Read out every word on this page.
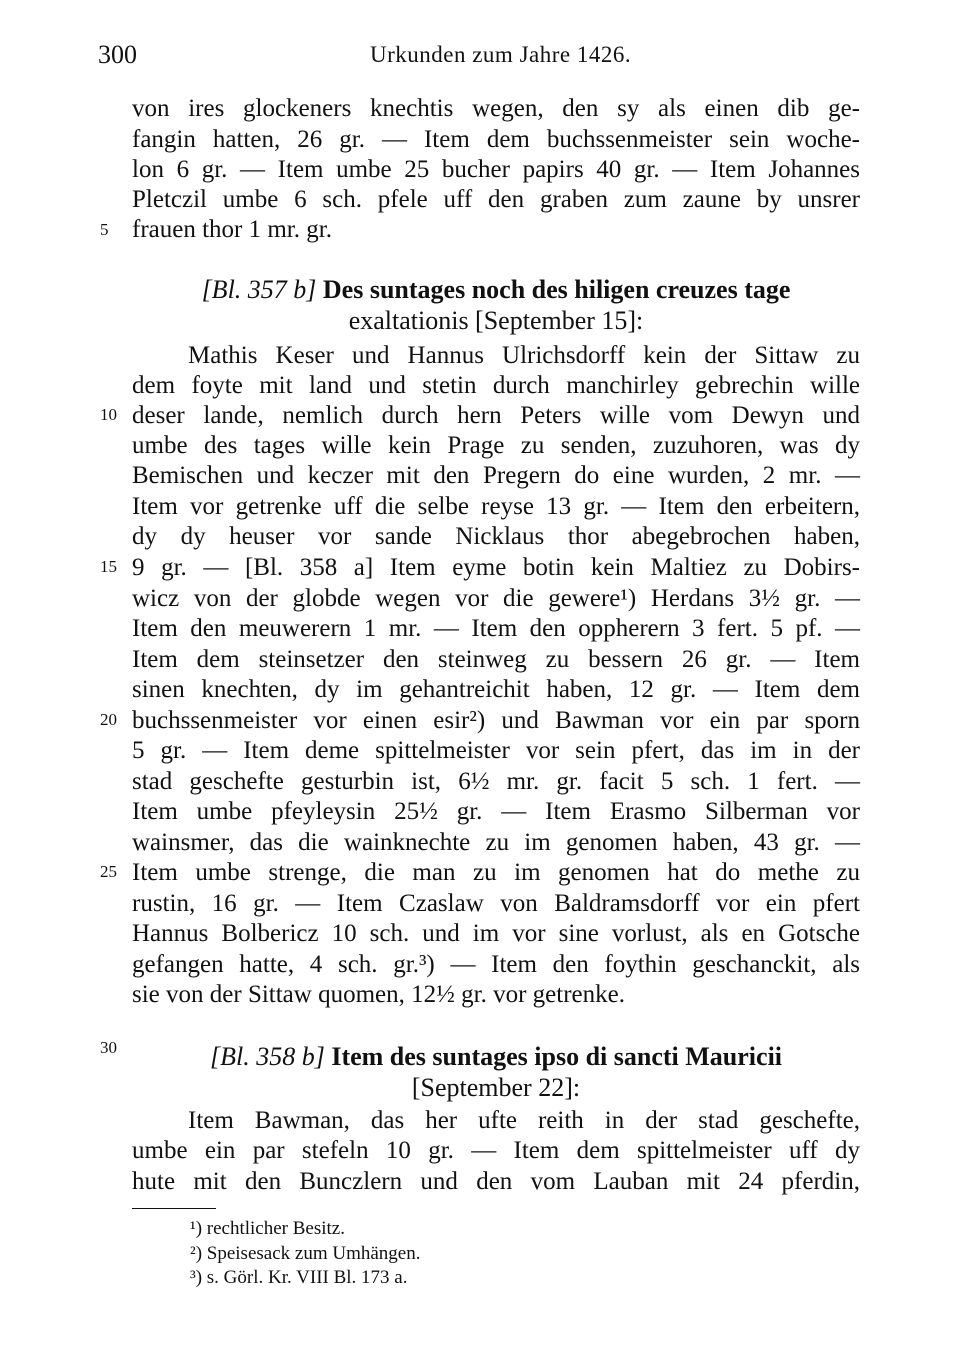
300	Urkunden zum Jahre 1426.
von ires glockeners knechtis wegen, den sy als einen dib ge-
fangin hatten, 26 gr. — Item dem buchssenmeister sein woche-
lon 6 gr. — Item umbe 25 bucher papirs 40 gr. — Item Johannes
Pletczil umbe 6 sch. pfele uff den graben zum zaune by unsrer
frauen thor 1 mr. gr.
[Bl. 357 b] Des suntages noch des hiligen creuzes tage
exaltationis [September 15]:
Mathis Keser und Hannus Ulrichsdorff kein der Sittaw zu
dem foyte mit land und stetin durch manchirley gebrechin wille
deser lande, nemlich durch hern Peters wille vom Dewyn und
umbe des tages wille kein Prage zu senden, zuzuhoren, was dy
Bemischen und keczer mit den Pregern do eine wurden, 2 mr. —
Item vor getrenke uff die selbe reyse 13 gr. — Item den erbeitern,
dy dy heuser vor sande Nicklaus thor abegebrochen haben,
9 gr. — [Bl. 358 a] Item eyme botin kein Maltiez zu Dobirs-
wicz von der globde wegen vor die gewere¹) Herdans 3½ gr. —
Item den meuwerern 1 mr. — Item den oppherern 3 fert. 5 pf. —
Item dem steinsetzer den steinweg zu bessern 26 gr. — Item
sinen knechten, dy im gehantreichit haben, 12 gr. — Item dem
buchssenmeister vor einen esir²) und Bawman vor ein par sporn
5 gr. — Item deme spittelmeister vor sein pfert, das im in der
stad geschefte gesturbin ist, 6½ mr. gr. facit 5 sch. 1 fert. —
Item umbe pfeyleysin 25½ gr. — Item Erasmo Silberman vor
wainsmer, das die wainknechte zu im genomen haben, 43 gr. —
Item umbe strenge, die man zu im genomen hat do methe zu
rustin, 16 gr. — Item Czaslaw von Baldramsdorff vor ein pfert
Hannus Bolbericz 10 sch. und im vor sine vorlust, als en Gotsche
gefangen hatte, 4 sch. gr.³) — Item den foythin geschanckit, als
sie von der Sittaw quomen, 12½ gr. vor getrenke.
[Bl. 358 b] Item des suntages ipso di sancti Mauricii
[September 22]:
Item Bawman, das her ufte reith in der stad geschefte,
umbe ein par stefeln 10 gr. — Item dem spittelmeister uff dy
hute mit den Bunczlern und den vom Lauban mit 24 pferdin,
5
10
15
20
25
30
¹) rechtlicher Besitz.
²) Speisesack zum Umhängen.
³) s. Görl. Kr. VIII Bl. 173 a.
